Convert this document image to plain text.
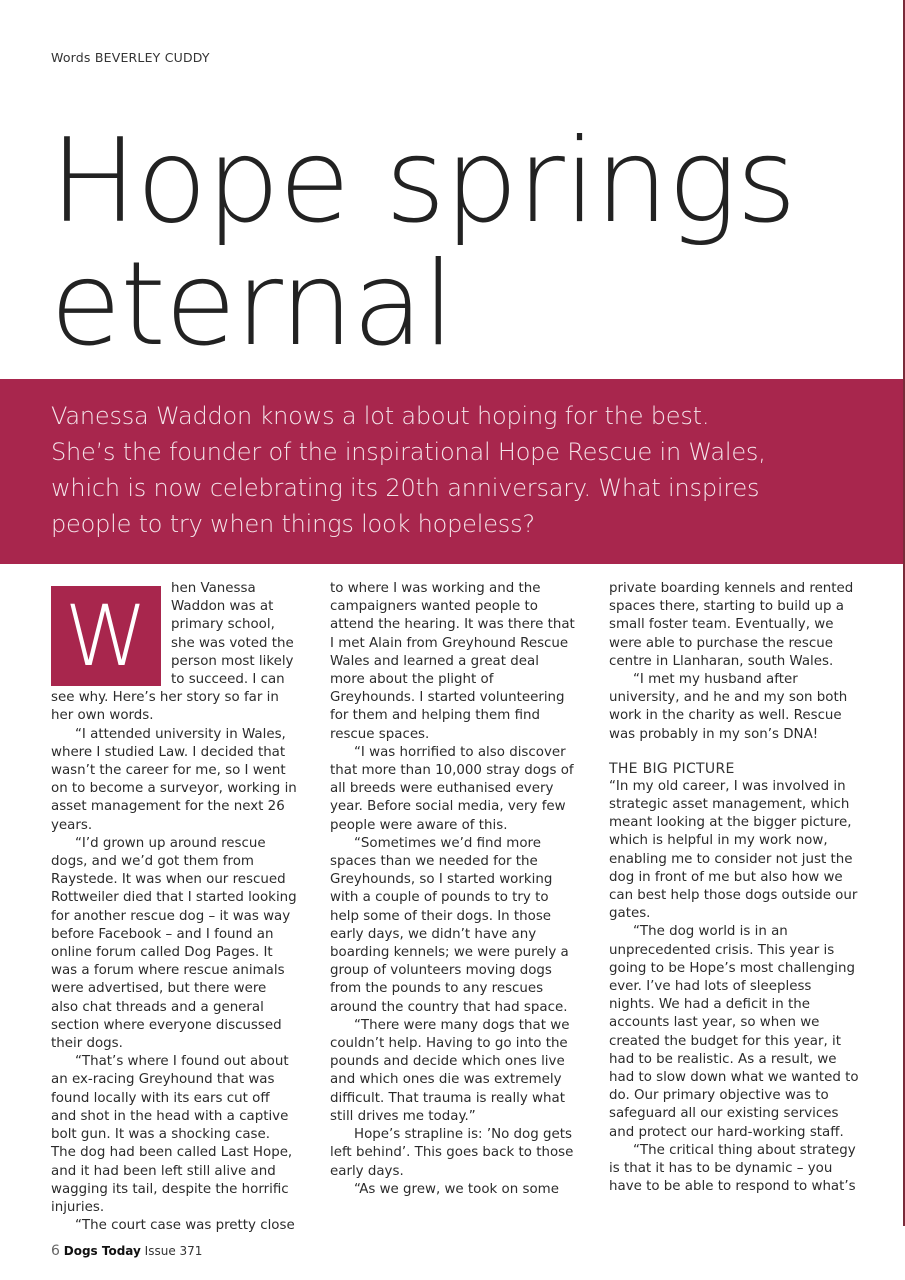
Words BEVERLEY CUDDY
Hope springs
eternal

Vanessa Waddon knows a lot about hoping for the best.
She’s the founder of the inspirational Hope Rescue in Wales,
which is now celebrating its 20th anniversary. What inspires
people to try when things look hopeless?

W	hen Vanessa Waddon was at primary school, she was voted the person most likely to succeed. I can see why. Here’s her story so far in her own words.

“I attended university in Wales, where I studied Law. I decided that wasn’t the career for me, so I went on to become a surveyor, working in asset management for the next 26 years.

“I’d grown up around rescue dogs, and we’d got them from Raystede. It was when our rescued Rottweiler died that I started looking for another rescue dog – it was way before Facebook – and I found an online forum called Dog Pages. It was a forum where rescue animals were advertised, but there were also chat threads and a general section where everyone discussed their dogs.

“That’s where I found out about an ex-racing Greyhound that was found locally with its ears cut off and shot in the head with a captive bolt gun. It was a shocking case. The dog had been called Last Hope, and it had been left still alive and wagging its tail, despite the horrific injuries.

“The court case was pretty close

to where I was working and the campaigners wanted people to attend the hearing. It was there that I met Alain from Greyhound Rescue Wales and learned a great deal more about the plight of Greyhounds. I started volunteering for them and helping them find rescue spaces.

“I was horrified to also discover that more than 10,000 stray dogs of all breeds were euthanised every year. Before social media, very few people were aware of this.

“Sometimes we’d find more spaces than we needed for the Greyhounds, so I started working with a couple of pounds to try to help some of their dogs. In those early days, we didn’t have any boarding kennels; we were purely a group of volunteers moving dogs from the pounds to any rescues around the country that had space.

“There were many dogs that we couldn’t help. Having to go into the pounds and decide which ones live and which ones die was extremely difficult. That trauma is really what still drives me today.”

Hope’s strapline is: ’No dog gets left behind’. This goes back to those early days.

“As we grew, we took on some

private boarding kennels and rented spaces there, starting to build up a small foster team. Eventually, we were able to purchase the rescue centre in Llanharan, south Wales.

“I met my husband after university, and he and my son both work in the charity as well. Rescue was probably in my son’s DNA!

THE BIG PICTURE

“In my old career, I was involved in strategic asset management, which meant looking at the bigger picture, which is helpful in my work now, enabling me to consider not just the dog in front of me but also how we can best help those dogs outside our gates.

“The dog world is in an unprecedented crisis. This year is going to be Hope’s most challenging ever. I’ve had lots of sleepless nights. We had a deficit in the accounts last year, so when we created the budget for this year, it had to be realistic. As a result, we had to slow down what we wanted to do. Our primary objective was to safeguard all our existing services and protect our hard-working staff.

“The critical thing about strategy is that it has to be dynamic – you have to be able to respond to what’s

6 Dogs Today Issue 371
